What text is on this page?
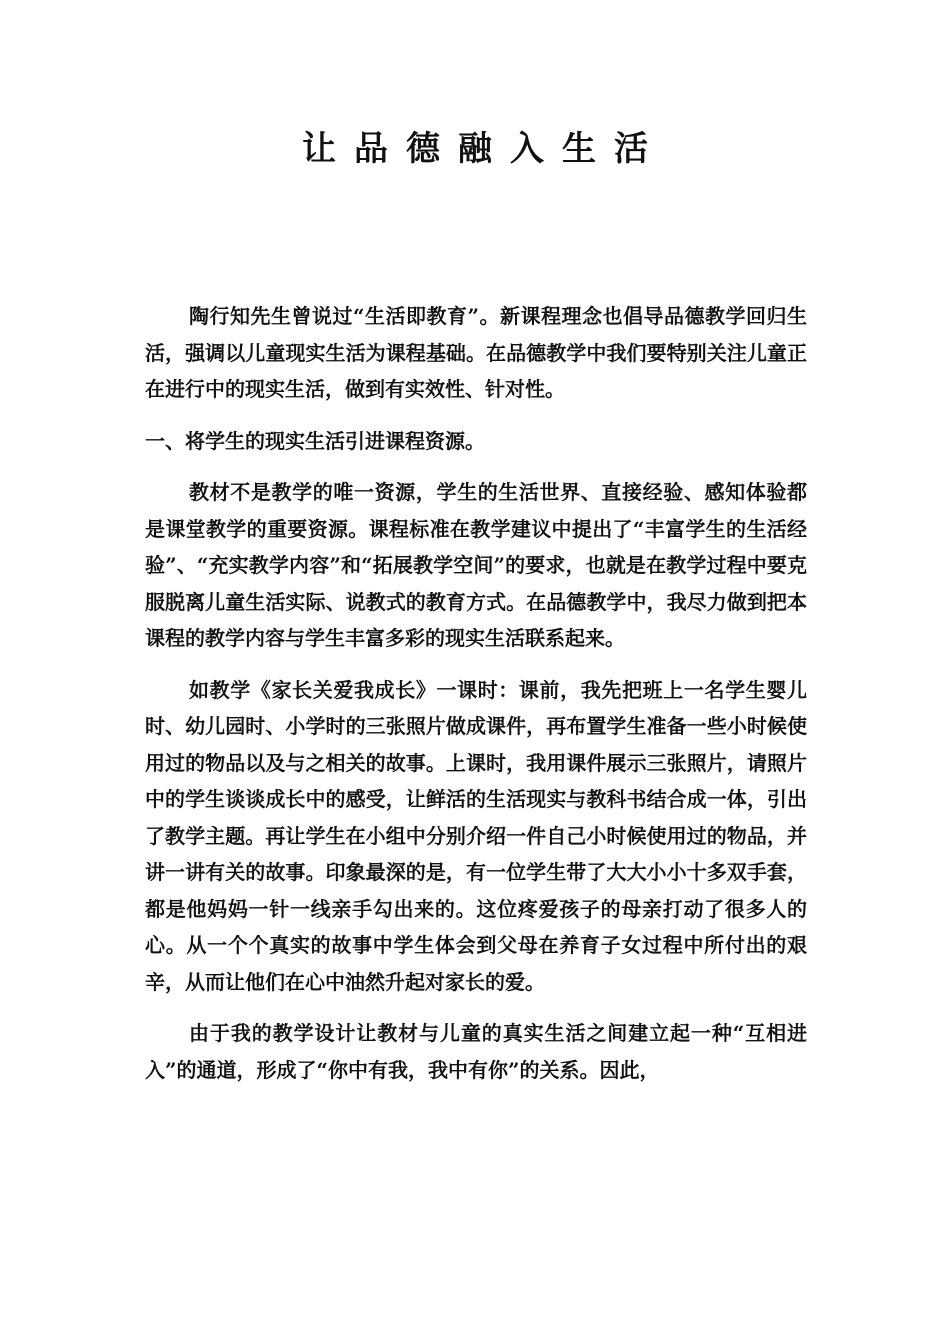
让品德融入生活

陶行知先生曾说过“生活即教育”。新课程理念也倡导品德教学回归生活，强调以儿童现实生活为课程基础。在品德教学中我们要特别关注儿童正在进行中的现实生活，做到有实效性、针对性。

一、将学生的现实生活引进课程资源。

教材不是教学的唯一资源，学生的生活世界、直接经验、感知体验都是课堂教学的重要资源。课程标准在教学建议中提出了“丰富学生的生活经验”、“充实教学内容”和“拓展教学空间”的要求，也就是在教学过程中要克服脱离儿童生活实际、说教式的教育方式。在品德教学中，我尽力做到把本课程的教学内容与学生丰富多彩的现实生活联系起来。

如教学《家长关爱我成长》一课时：课前，我先把班上一名学生婴儿时、幼儿园时、小学时的三张照片做成课件，再布置学生准备一些小时候使用过的物品以及与之相关的故事。上课时，我用课件展示三张照片，请照片中的学生谈谈成长中的感受，让鲜活的生活现实与教科书结合成一体，引出了教学主题。再让学生在小组中分别介绍一件自己小时候使用过的物品，并讲一讲有关的故事。印象最深的是，有一位学生带了大大小小十多双手套，都是他妈妈一针一线亲手勾出来的。这位疼爱孩子的母亲打动了很多人的心。从一个个真实的故事中学生体会到父母在养育子女过程中所付出的艰辛，从而让他们在心中油然升起对家长的爱。

由于我的教学设计让教材与儿童的真实生活之间建立起一种“互相进入”的通道，形成了“你中有我，我中有你”的关系。因此，
